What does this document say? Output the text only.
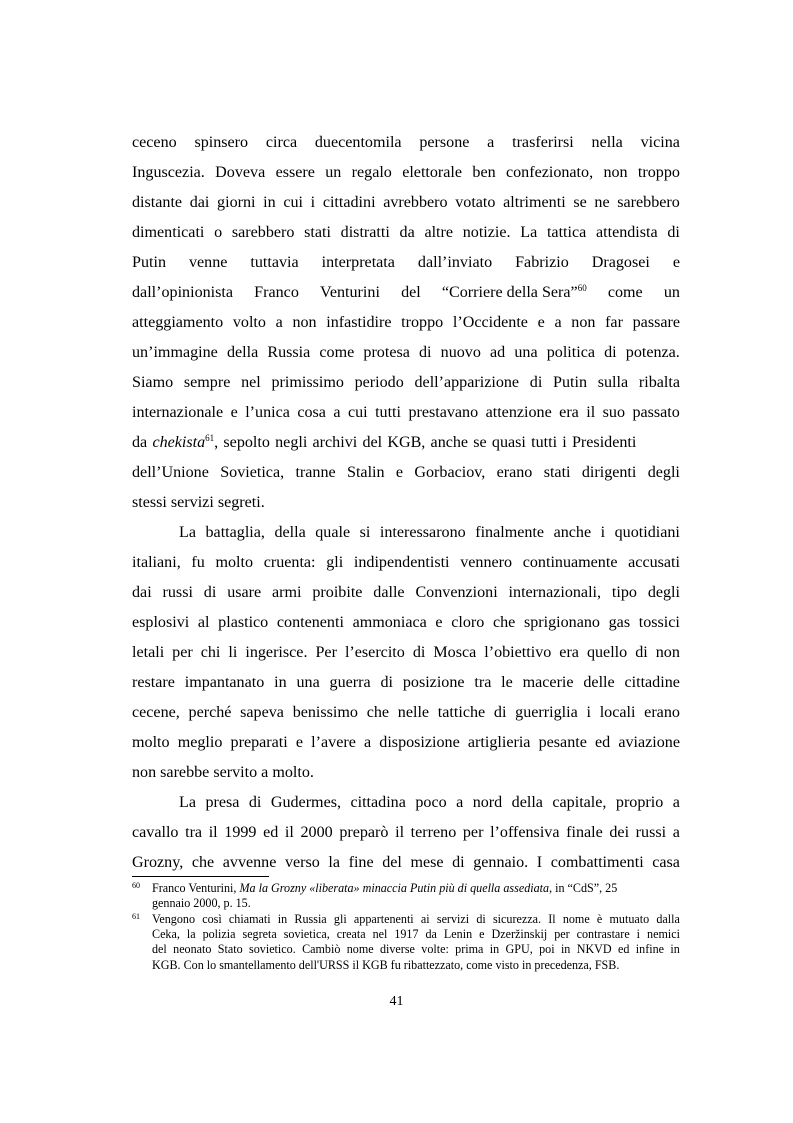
ceceno spinsero circa duecentomila persone a trasferirsi nella vicina
Inguscezia. Doveva essere un regalo elettorale ben confezionato, non troppo
distante dai giorni in cui i cittadini avrebbero votato altrimenti se ne sarebbero
dimenticati o sarebbero stati distratti da altre notizie. La tattica attendista di
Putin venne tuttavia interpretata dall’inviato Fabrizio Dragosei e
dall’opinionista Franco Venturini del “Corriere della Sera”$^{60}$ come un
atteggiamento volto a non infastidire troppo l’Occidente e a non far passare
un’immagine della Russia come protesa di nuovo ad una politica di potenza.
Siamo sempre nel primissimo periodo dell’apparizione di Putin sulla ribalta
internazionale e l’unica cosa a cui tutti prestavano attenzione era il suo passato
da chekista$^{61}$, sepolto negli archivi del KGB, anche se quasi tutti i Presidenti
dell’Unione Sovietica, tranne Stalin e Gorbaciov, erano stati dirigenti degli
stessi servizi segreti.
La battaglia, della quale si interessarono finalmente anche i quotidiani
italiani, fu molto cruenta: gli indipendentisti vennero continuamente accusati
dai russi di usare armi proibite dalle Convenzioni internazionali, tipo degli
esplosivi al plastico contenenti ammoniaca e cloro che sprigionano gas tossici
letali per chi li ingerisce. Per l’esercito di Mosca l’obiettivo era quello di non
restare impantanato in una guerra di posizione tra le macerie delle cittadine
cecene, perché sapeva benissimo che nelle tattiche di guerriglia i locali erano
molto meglio preparati e l’avere a disposizione artiglieria pesante ed aviazione
non sarebbe servito a molto.
La presa di Gudermes, cittadina poco a nord della capitale, proprio a
cavallo tra il 1999 ed il 2000 preparò il terreno per l’offensiva finale dei russi a
Grozny, che avvenne verso la fine del mese di gennaio. I combattimenti casa
60 Franco Venturini, Ma la Grozny «liberata» minaccia Putin più di quella assediata, in “CdS”, 25
gennaio 2000, p. 15.
61 Vengono così chiamati in Russia gli appartenenti ai servizi di sicurezza. Il nome è mutuato dalla
Ceka, la polizia segreta sovietica, creata nel 1917 da Lenin e Dzeržinskij per contrastare i nemici
del neonato Stato sovietico. Cambiò nome diverse volte: prima in GPU, poi in NKVD ed infine in
KGB. Con lo smantellamento dell'URSS il KGB fu ribattezzato, come visto in precedenza, FSB.
41
